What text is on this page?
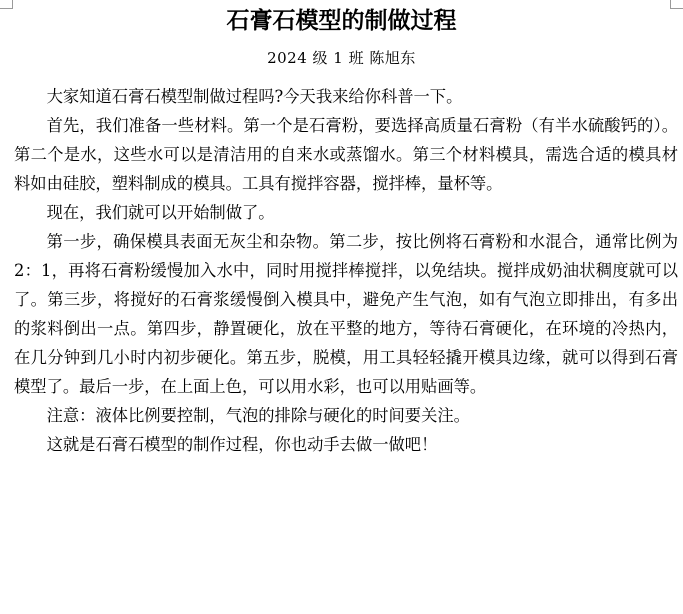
石膏石模型的制做过程
2024 级 1 班 陈旭东

大家知道石膏石模型制做过程吗?今天我来给你科普一下。

首先，我们准备一些材料。第一个是石膏粉，要选择高质量石膏粉（有半水硫酸钙的）。第二个是水，这些水可以是清洁用的自来水或蒸馏水。第三个材料模具，需选合适的模具材料如由硅胶，塑料制成的模具。工具有搅拌容器，搅拌棒，量杯等。

现在，我们就可以开始制做了。

第一步，确保模具表面无灰尘和杂物。第二步，按比例将石膏粉和水混合，通常比例为 2：1，再将石膏粉缓慢加入水中，同时用搅拌棒搅拌，以免结块。搅拌成奶油状稠度就可以了。第三步，将搅好的石膏浆缓慢倒入模具中，避免产生气泡，如有气泡立即排出，有多出的浆料倒出一点。第四步，静置硬化，放在平整的地方，等待石膏硬化，在环境的冷热内，在几分钟到几小时内初步硬化。第五步，脱模，用工具轻轻撬开模具边缘，就可以得到石膏模型了。最后一步，在上面上色，可以用水彩，也可以用贴画等。

注意：液体比例要控制，气泡的排除与硬化的时间要关注。

这就是石膏石模型的制作过程，你也动手去做一做吧！
